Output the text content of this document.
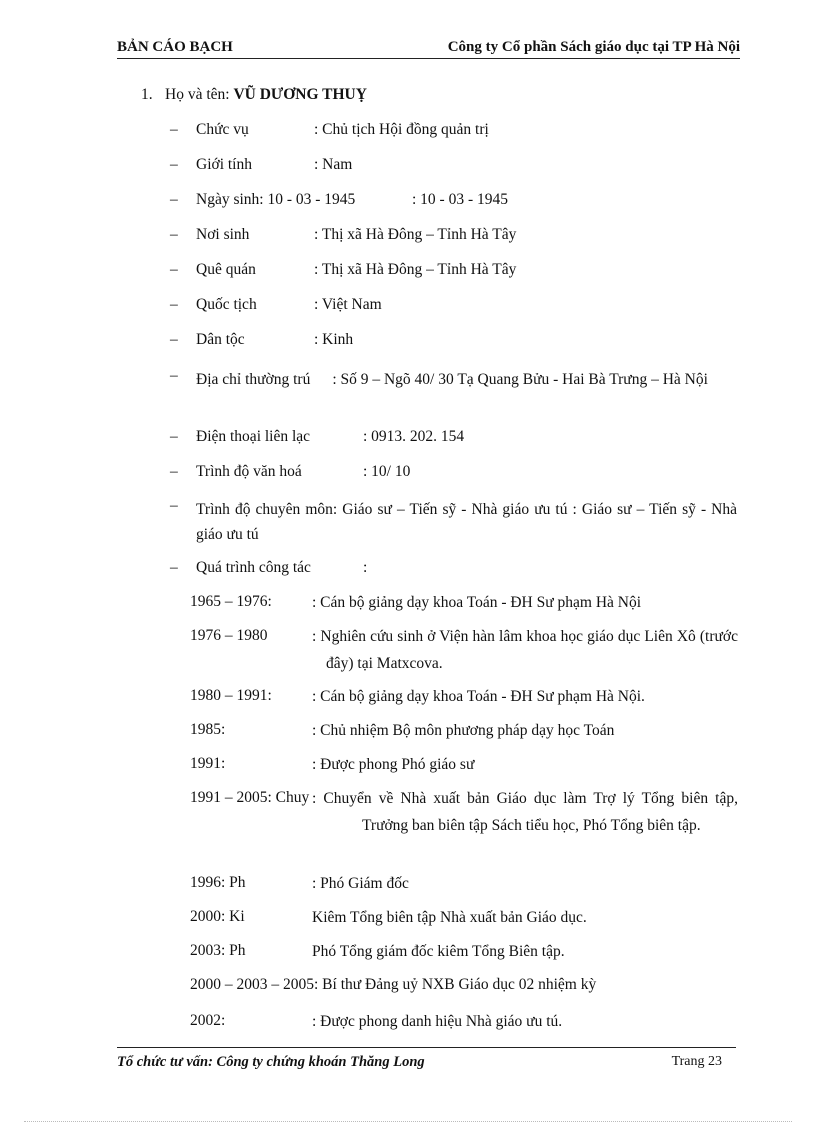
BẢN CÁO BẠCH	Công ty Cổ phần Sách giáo dục tại TP Hà Nội
1. Họ và tên: VŨ DƯƠNG THUỴ
– Chức vụ	: Chủ tịch Hội đồng quản trị
– Giới tính	: Nam
– Ngày sinh: 10 - 03 - 1945	: 10 - 03 - 1945
– Nơi sinh	: Thị xã Hà Đông – Tỉnh Hà Tây
– Quê quán	: Thị xã Hà Đông – Tỉnh Hà Tây
– Quốc tịch	: Việt Nam
– Dân tộc	: Kinh
– Địa chỉ thường trú : Số 9 – Ngõ 40/ 30 Tạ Quang Bửu - Hai Bà Trưng – Hà Nội
– Điện thoại liên lạc	: 0913. 202. 154
– Trình độ văn hoá	: 10/ 10
– Trình độ chuyên môn: Giáo sư – Tiến sỹ - Nhà giáo ưu tú : Giáo sư – Tiến sỹ - Nhà giáo ưu tú
– Quá trình công tác	:
1965 – 1976:	: Cán bộ giảng dạy khoa Toán - ĐH Sư phạm Hà Nội
1976 – 1980	: Nghiên cứu sinh ở Viện hàn lâm khoa học giáo dục Liên Xô (trước đây) tại Matxcova.
1980 – 1991:	: Cán bộ giảng dạy khoa Toán - ĐH Sư phạm Hà Nội.
1985:	: Chủ nhiệm Bộ môn phương pháp dạy học Toán
1991:	: Được phong Phó giáo sư
1991 – 2005: Chuy : Chuyển về Nhà xuất bản Giáo dục làm Trợ lý Tổng biên tập, Trưởng ban biên tập Sách tiểu học, Phó Tổng biên tập.
1996: Ph	: Phó Giám đốc
2000: Ki	Kiêm Tổng biên tập Nhà xuất bản Giáo dục.
2003: Ph	Phó Tổng giám đốc kiêm Tổng Biên tập.
2000 – 2003 – 2005: Bí thư Đảng uỷ NXB Giáo dục 02 nhiệm kỳ
2002:	: Được phong danh hiệu Nhà giáo ưu tú.
Tổ chức tư vấn: Công ty chứng khoán Thăng Long	Trang 23
